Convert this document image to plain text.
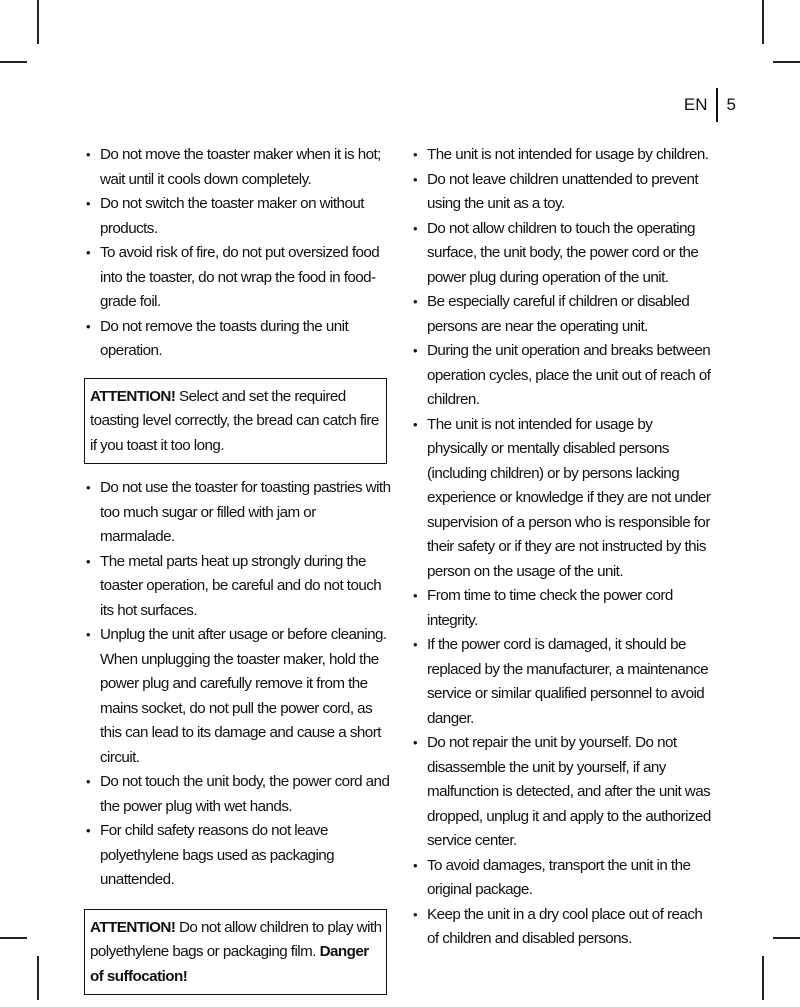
EN	5
• Do not move the toaster maker when it is hot; wait until it cools down completely.
• Do not switch the toaster maker on without products.
• To avoid risk of fire, do not put oversized food into the toaster, do not wrap the food in food-grade foil.
• Do not remove the toasts during the unit operation.
ATTENTION! Select and set the required toasting level correctly, the bread can catch fire if you toast it too long.
• Do not use the toaster for toasting pastries with too much sugar or filled with jam or marmalade.
• The metal parts heat up strongly during the toaster operation, be careful and do not touch its hot surfaces.
• Unplug the unit after usage or before cleaning. When unplugging the toaster maker, hold the power plug and carefully remove it from the mains socket, do not pull the power cord, as this can lead to its damage and cause a short circuit.
• Do not touch the unit body, the power cord and the power plug with wet hands.
• For child safety reasons do not leave polyethylene bags used as packaging unattended.
ATTENTION! Do not allow children to play with polyethylene bags or packaging film. Danger of suffocation!
• The unit is not intended for usage by children.
• Do not leave children unattended to prevent using the unit as a toy.
• Do not allow children to touch the operating surface, the unit body, the power cord or the power plug during operation of the unit.
• Be especially careful if children or disabled persons are near the operating unit.
• During the unit operation and breaks between operation cycles, place the unit out of reach of children.
• The unit is not intended for usage by physically or mentally disabled persons (including children) or by persons lacking experience or knowledge if they are not under supervision of a person who is responsible for their safety or if they are not instructed by this person on the usage of the unit.
• From time to time check the power cord integrity.
• If the power cord is damaged, it should be replaced by the manufacturer, a maintenance service or similar qualified personnel to avoid danger.
• Do not repair the unit by yourself. Do not disassemble the unit by yourself, if any malfunction is detected, and after the unit was dropped, unplug it and apply to the authorized service center.
• To avoid damages, transport the unit in the original package.
• Keep the unit in a dry cool place out of reach of children and disabled persons.
